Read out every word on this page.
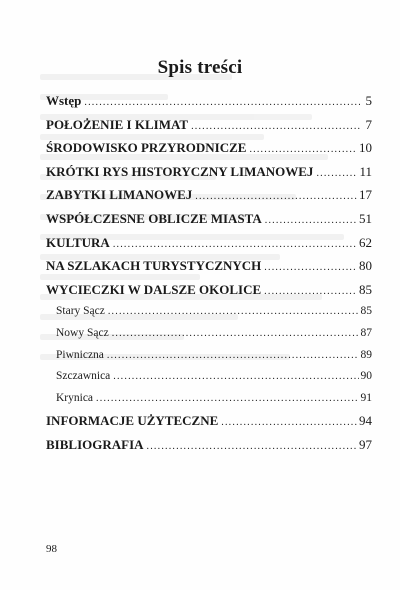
Spis treści
Wstęp .....	5
POŁOŻENIE I KLIMAT .....	7
ŚRODOWISKO PRZYRODNICZE .....	10
KRÓTKI RYS HISTORYCZNY LIMANOWEJ .....	11
ZABYTKI LIMANOWEJ .....	17
WSPÓŁCZESNE OBLICZE MIASTA .....	51
KULTURA .....	62
NA SZLAKACH TURYSTYCZNYCH .....	80
WYCIECZKI W DALSZE OKOLICE .....	85
Stary Sącz .....	85
Nowy Sącz .....	87
Piwniczna .....	89
Szczawnica .....	90
Krynica .....	91
INFORMACJE UŻYTECZNE .....	94
BIBLIOGRAFIA .....	97
98
